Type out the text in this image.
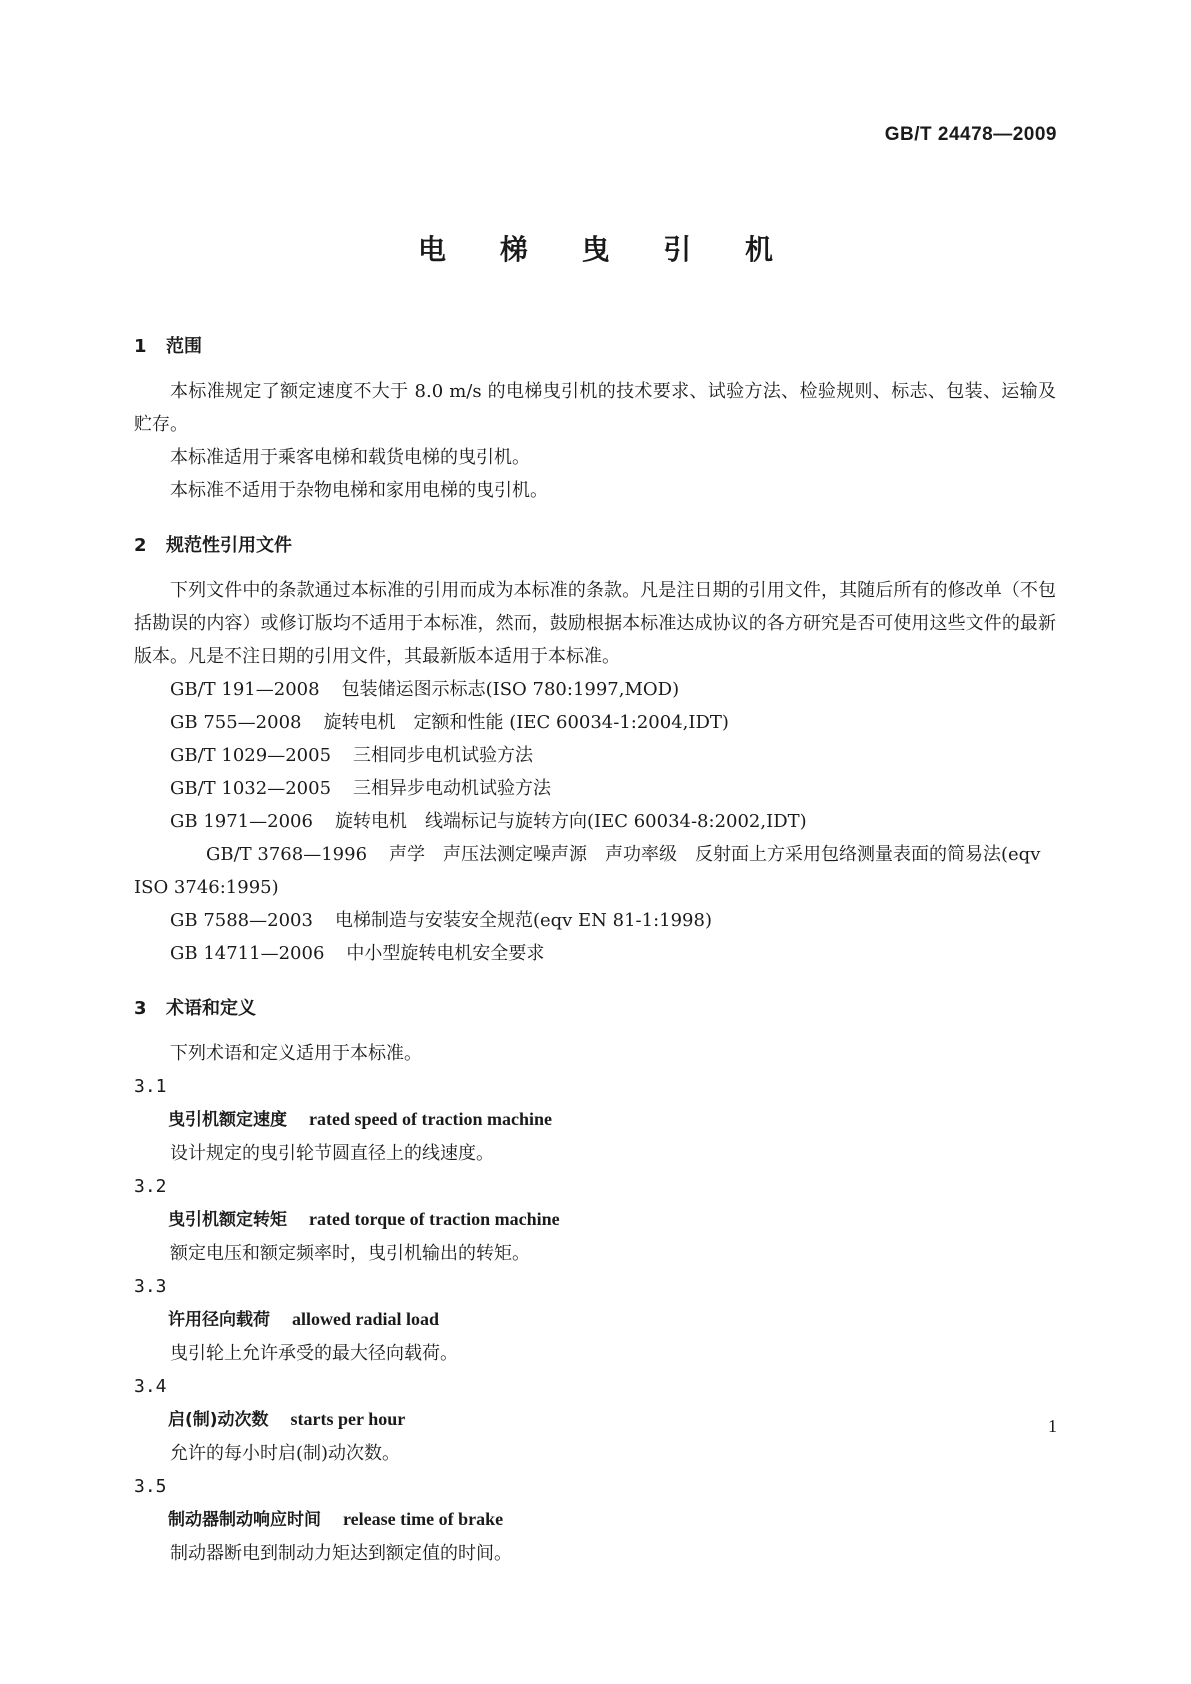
GB/T 24478—2009
电 梯 曳 引 机
1 范围

本标准规定了额定速度不大于 8.0 m/s 的电梯曳引机的技术要求、试验方法、检验规则、标志、包装、运输及贮存。

本标准适用于乘客电梯和载货电梯的曳引机。

本标准不适用于杂物电梯和家用电梯的曳引机。

2 规范性引用文件

下列文件中的条款通过本标准的引用而成为本标准的条款。凡是注日期的引用文件，其随后所有的修改单（不包括勘误的内容）或修订版均不适用于本标准，然而，鼓励根据本标准达成协议的各方研究是否可使用这些文件的最新版本。凡是不注日期的引用文件，其最新版本适用于本标准。

GB/T 191—2008 包装储运图示标志(ISO 780:1997,MOD)

GB 755—2008 旋转电机　定额和性能 (IEC 60034-1:2004,IDT)

GB/T 1029—2005 三相同步电机试验方法

GB/T 1032—2005 三相异步电动机试验方法

GB 1971—2006 旋转电机　线端标记与旋转方向(IEC 60034-8:2002,IDT)

GB/T 3768—1996 声学　声压法测定噪声源　声功率级　反射面上方采用包络测量表面的简易法(eqv ISO 3746:1995)

GB 7588—2003 电梯制造与安装安全规范(eqv EN 81-1:1998)

GB 14711—2006 中小型旋转电机安全要求

3 术语和定义

下列术语和定义适用于本标准。

3.1

曳引机额定速度 rated speed of traction machine

设计规定的曳引轮节圆直径上的线速度。

3.2

曳引机额定转矩 rated torque of traction machine

额定电压和额定频率时，曳引机输出的转矩。

3.3

许用径向载荷 allowed radial load

曳引轮上允许承受的最大径向载荷。

3.4

启(制)动次数 starts per hour

允许的每小时启(制)动次数。

3.5

制动器制动响应时间 release time of brake

制动器断电到制动力矩达到额定值的时间。

1
